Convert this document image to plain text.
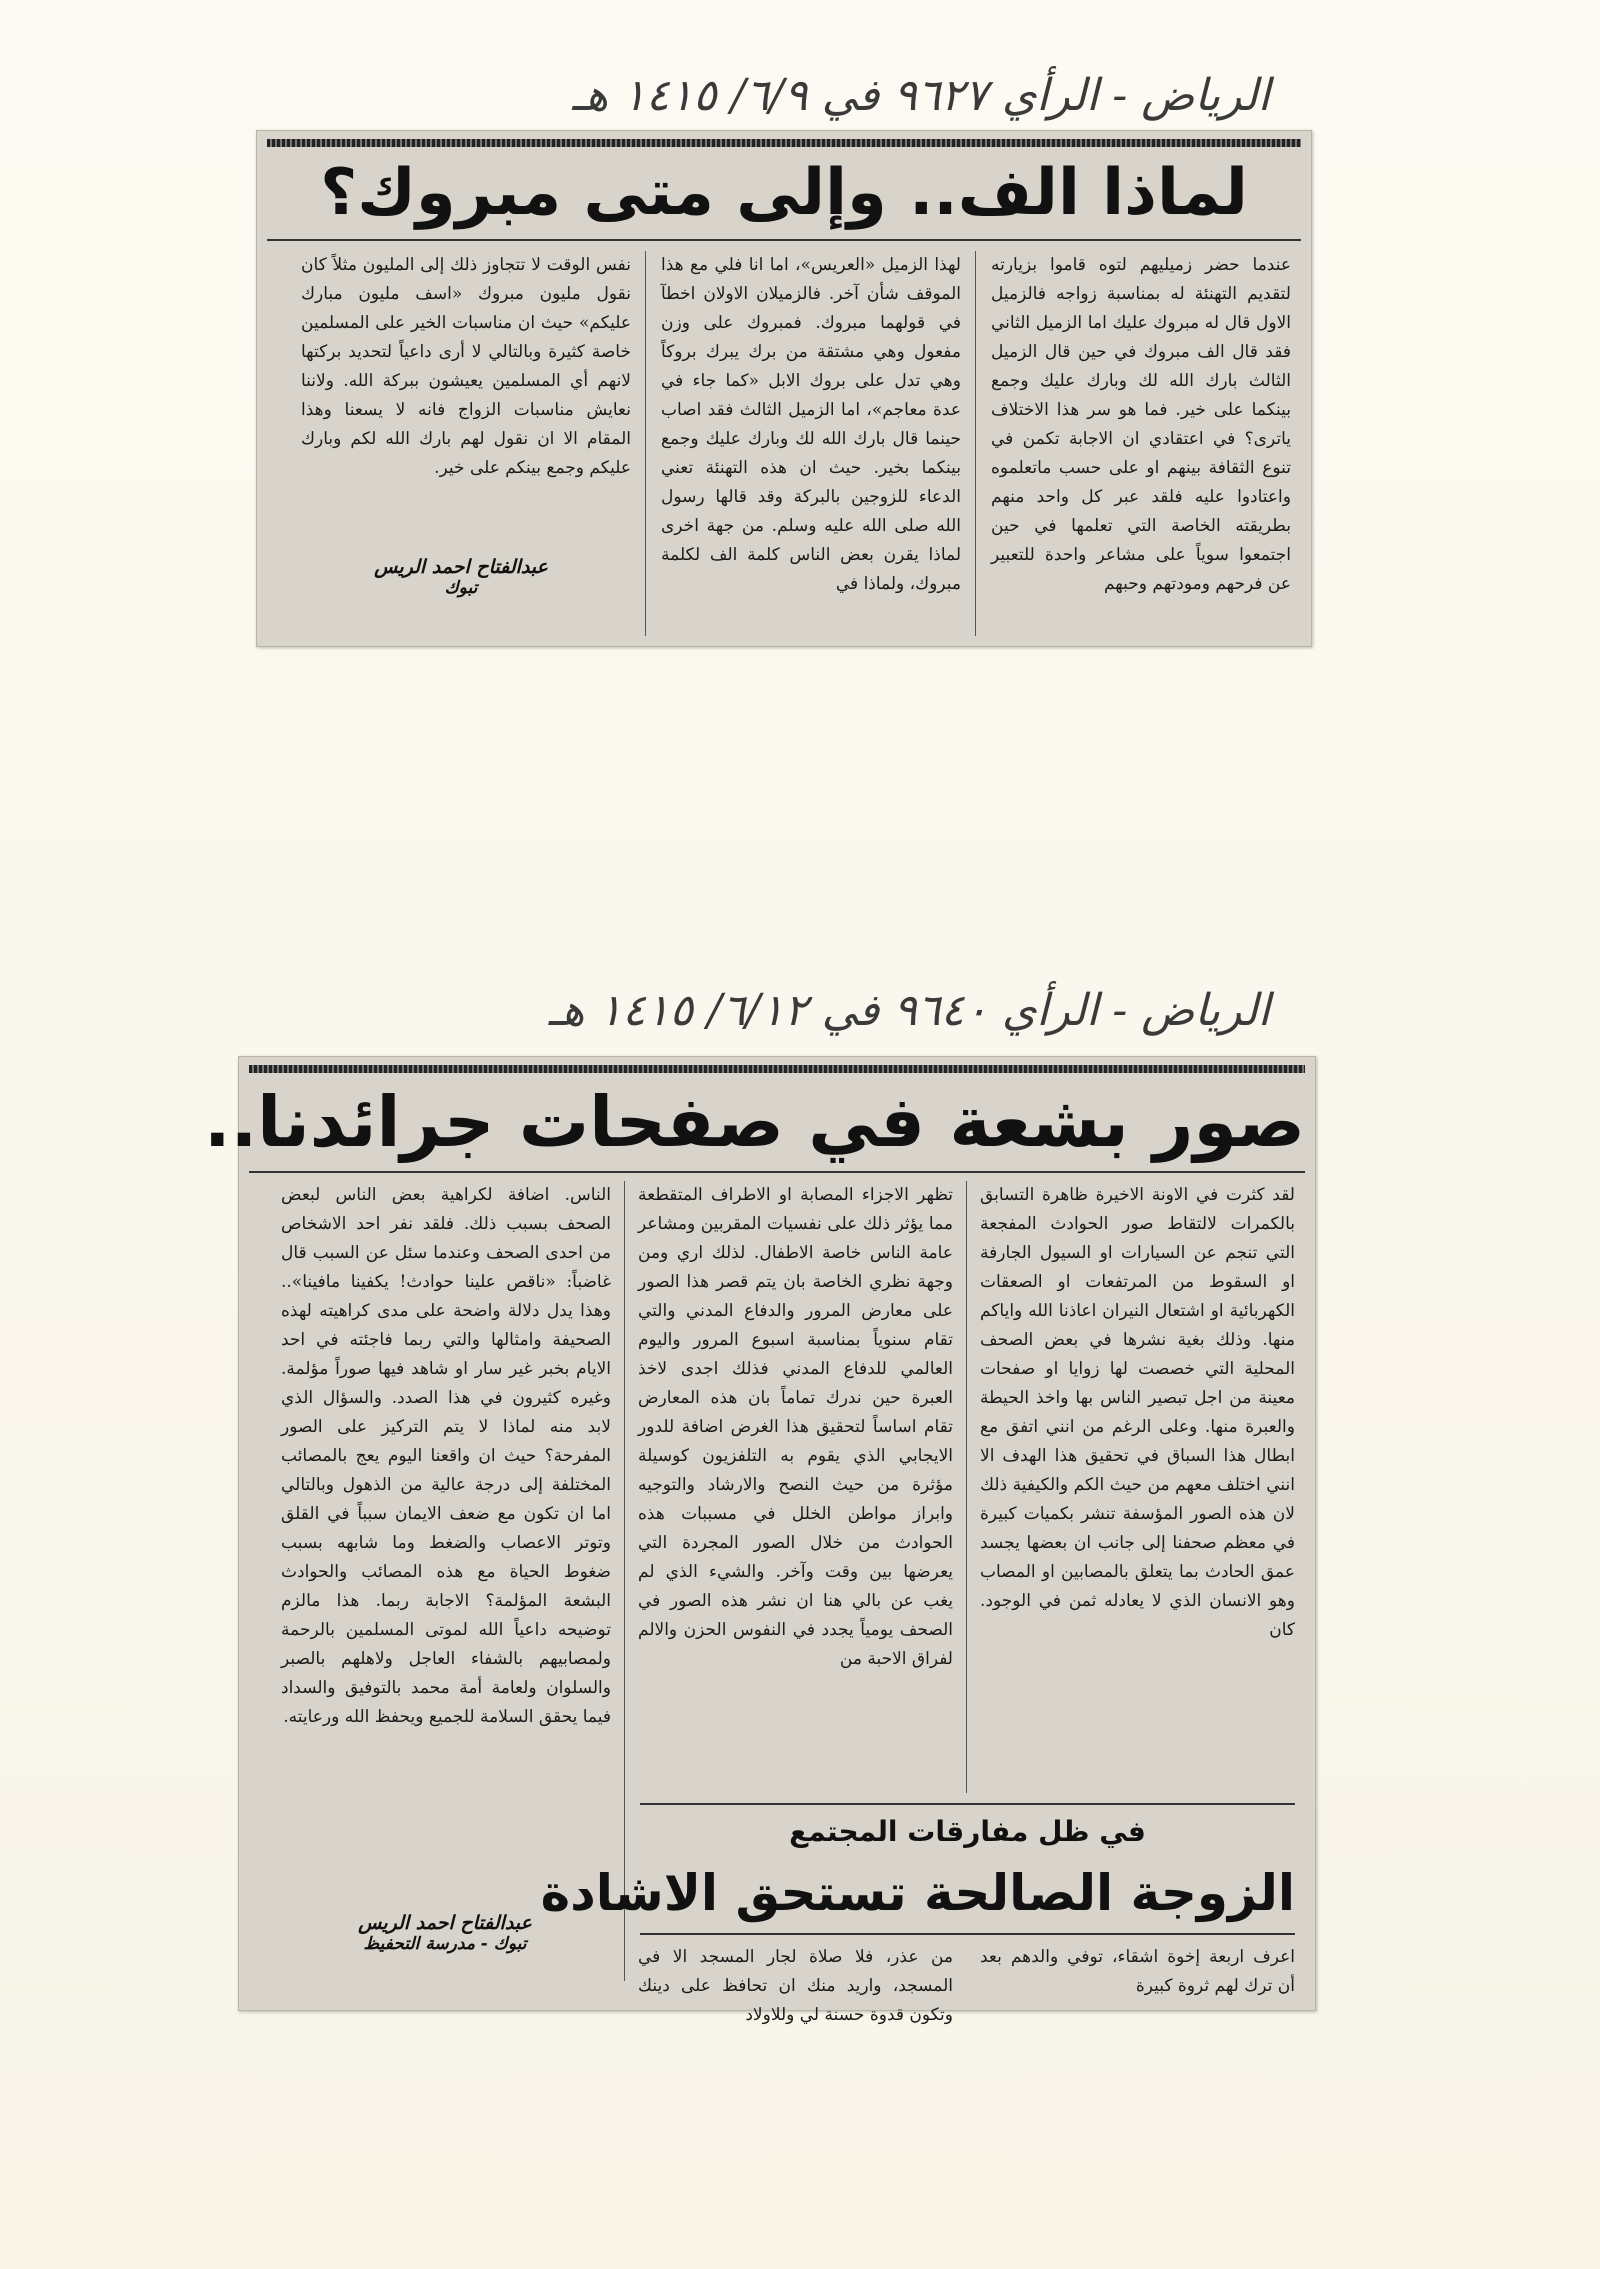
الرياض - الرأي ٩٦٢٧ في ٦/٩/ ١٤١٥ هـ
الرياض - الرأي ٩٦٤٠ في ٦/١٢/ ١٤١٥ هـ
لماذا الف.. وإلى متى مبروك؟
عندما حضر زميليهم لتوه قاموا بزيارته لتقديم التهنئة له بمناسبة زواجه فالزميل الاول قال له مبروك عليك اما الزميل الثاني فقد قال الف مبروك في حين قال الزميل الثالث بارك الله لك وبارك عليك وجمع بينكما على خير. فما هو سر هذا الاختلاف ياترى؟ في اعتقادي ان الاجابة تكمن في تنوع الثقافة بينهم او على حسب ماتعلموه واعتادوا عليه فلقد عبر كل واحد منهم بطريقته الخاصة التي تعلمها في حين اجتمعوا سوياً على مشاعر واحدة للتعبير عن فرحهم ومودتهم وحبهم
لهذا الزميل «العريس»، اما انا فلي مع هذا الموقف شأن آخر. فالزميلان الاولان اخطآ في قولهما مبروك. فمبروك على وزن مفعول وهي مشتقة من برك يبرك بروكاً وهي تدل على بروك الابل «كما جاء في عدة معاجم»، اما الزميل الثالث فقد اصاب حينما قال بارك الله لك وبارك عليك وجمع بينكما بخير. حيث ان هذه التهنئة تعني الدعاء للزوجين بالبركة وقد قالها رسول الله صلى الله عليه وسلم. من جهة اخرى لماذا يقرن بعض الناس كلمة الف لكلمة مبروك، ولماذا في
نفس الوقت لا تتجاوز ذلك إلى المليون مثلاً كان نقول مليون مبروك «اسف مليون مبارك عليكم» حيث ان مناسبات الخير على المسلمين خاصة كثيرة وبالتالي لا أرى داعياً لتحديد بركتها لانهم أي المسلمين يعيشون ببركة الله. ولاننا نعايش مناسبات الزواج فانه لا يسعنا وهذا المقام الا ان نقول لهم بارك الله لكم وبارك عليكم وجمع بينكم على خير.
عبدالفتاح احمد الريس
تبوك
صور بشعة في صفحات جرائدنا..
لقد كثرت في الاونة الاخيرة ظاهرة التسابق بالكمرات لالتقاط صور الحوادث المفجعة التي تنجم عن السيارات او السيول الجارفة او السقوط من المرتفعات او الصعقات الكهربائية او اشتعال النيران اعاذنا الله واياكم منها. وذلك بغية نشرها في بعض الصحف المحلية التي خصصت لها زوايا او صفحات معينة من اجل تبصير الناس بها واخذ الحيطة والعبرة منها. وعلى الرغم من انني اتفق مع ابطال هذا السباق في تحقيق هذا الهدف الا انني اختلف معهم من حيث الكم والكيفية ذلك لان هذه الصور المؤسفة تنشر بكميات كبيرة في معظم صحفنا إلى جانب ان بعضها يجسد عمق الحادث بما يتعلق بالمصابين او المصاب وهو الانسان الذي لا يعادله ثمن في الوجود. كان
تظهر الاجزاء المصابة او الاطراف المتقطعة مما يؤثر ذلك على نفسيات المقربين ومشاعر عامة الناس خاصة الاطفال. لذلك اري ومن وجهة نظري الخاصة بان يتم قصر هذا الصور على معارض المرور والدفاع المدني والتي تقام سنوياً بمناسبة اسبوع المرور واليوم العالمي للدفاع المدني فذلك اجدى لاخذ العبرة حين ندرك تماماً بان هذه المعارض تقام اساساً لتحقيق هذا الغرض اضافة للدور الايجابي الذي يقوم به التلفزيون كوسيلة مؤثرة من حيث النصح والارشاد والتوجيه وابراز مواطن الخلل في مسببات هذه الحوادث من خلال الصور المجردة التي يعرضها بين وقت وآخر. والشيء الذي لم يغب عن بالي هنا ان نشر هذه الصور في الصحف يومياً يجدد في النفوس الحزن والالم لفراق الاحبة من
الناس. اضافة لكراهية بعض الناس لبعض الصحف بسبب ذلك. فلقد نفر احد الاشخاص من احدى الصحف وعندما سئل عن السبب قال غاضباً: «ناقص علينا حوادث! يكفينا مافينا».. وهذا يدل دلالة واضحة على مدى كراهيته لهذه الصحيفة وامثالها والتي ربما فاجئته في احد الايام بخبر غير سار او شاهد فيها صوراً مؤلمة. وغيره كثيرون في هذا الصدد. والسؤال الذي لابد منه لماذا لا يتم التركيز على الصور المفرحة؟ حيث ان واقعنا اليوم يعج بالمصائب المختلفة إلى درجة عالية من الذهول وبالتالي اما ان تكون مع ضعف الايمان سبباً في القلق وتوتر الاعصاب والضغط وما شابهه بسبب ضغوط الحياة مع هذه المصائب والحوادث البشعة المؤلمة؟ الاجابة ربما. هذا مالزم توضيحه داعياً الله لموتى المسلمين بالرحمة ولمصابيهم بالشفاء العاجل ولاهلهم بالصبر والسلوان ولعامة أمة محمد بالتوفيق والسداد فيما يحقق السلامة للجميع ويحفظ الله ورعايته.
عبدالفتاح احمد الريس
تبوك - مدرسة التحفيظ
في ظل مفارقات المجتمع
الزوجة الصالحة تستحق الاشادة
اعرف اربعة إخوة اشقاء، توفي والدهم بعد أن ترك لهم ثروة كبيرة
من عذر، فلا صلاة لجار المسجد الا في المسجد، واريد منك ان تحافظ على دينك وتكون قدوة حسنة لي وللاولاد
